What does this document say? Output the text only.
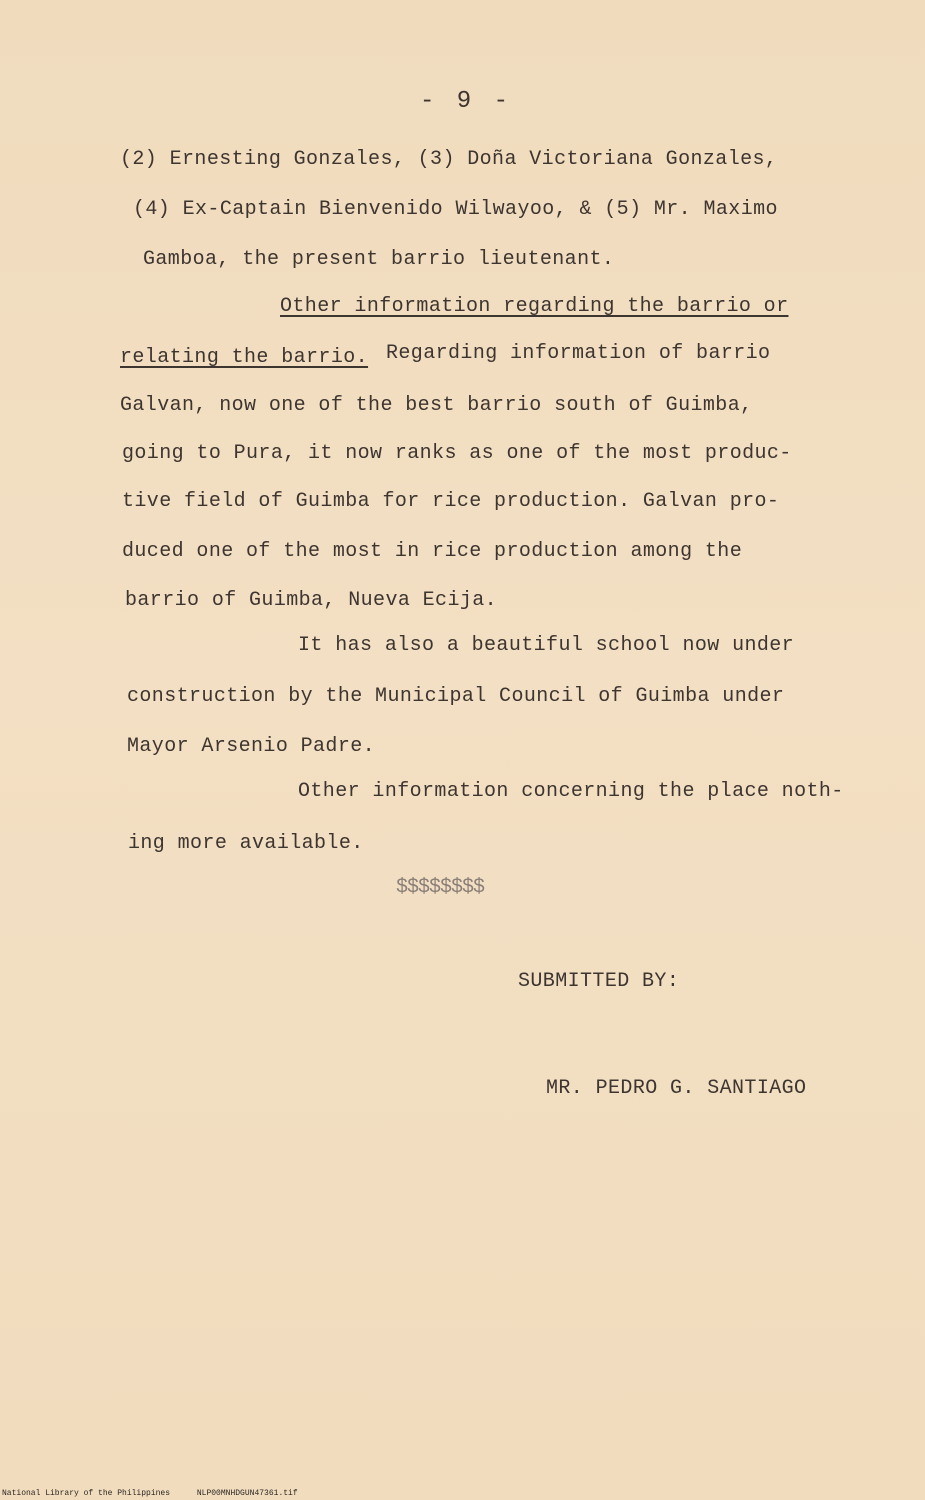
- 9 -
(2) Ernesting Gonzales, (3) Doña Victoriana Gonzales,
(4) Ex-Captain Bienvenido Wilwayoo, & (5) Mr. Maximo
Gamboa, the present barrio lieutenant.
Other information regarding the barrio or
relating the barrio. Regarding information of barrio
Galvan, now one of the best barrio south of Guimba,
going to Pura, it now ranks as one of the most produc-
tive field of Guimba for rice production. Galvan pro-
duced one of the most in rice production among the
barrio of Guimba, Nueva Ecija.
It has also a beautiful school now under
construction by the Municipal Council of Guimba under
Mayor Arsenio Padre.
Other information concerning the place noth-
ing more available.
$$$$$$$$
SUBMITTED BY:
MR. PEDRO G. SANTIAGO
National Library of the Philippines	NLP00MNHDGUN47361.tif
